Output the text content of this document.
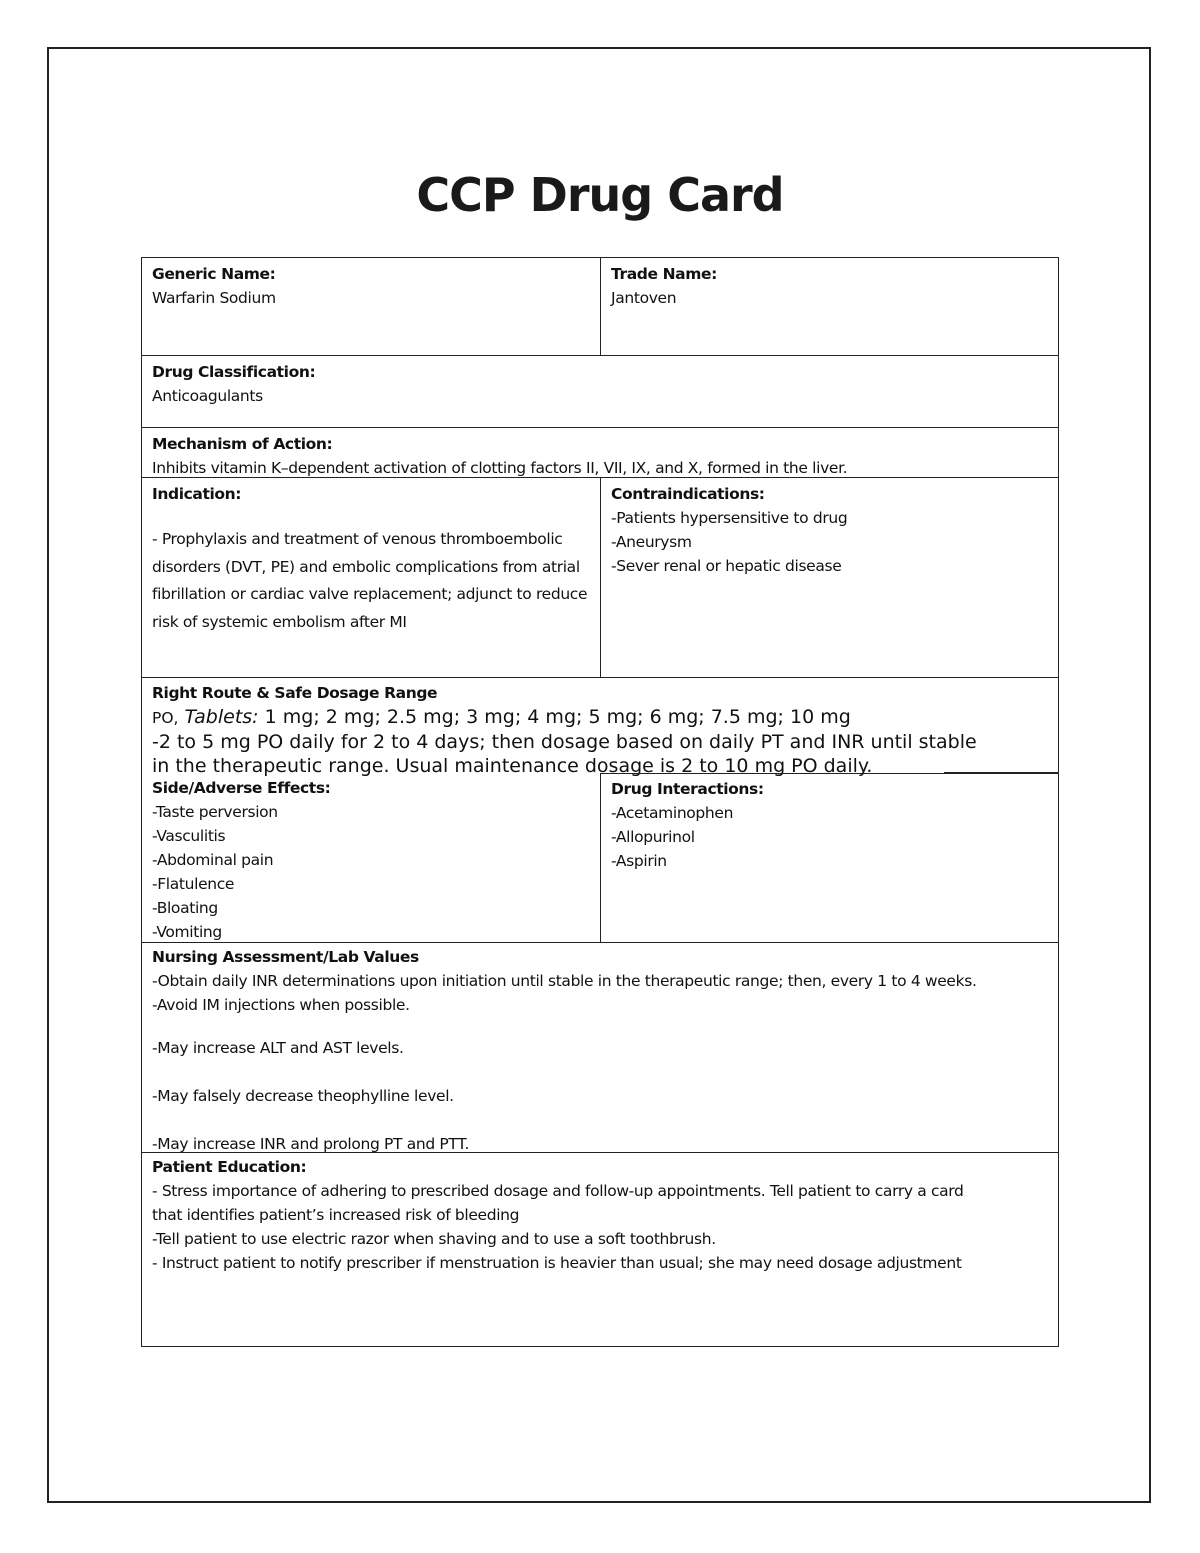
CCP Drug Card
Generic Name:
Warfarin Sodium
Trade Name:
Jantoven
Drug Classification:
Anticoagulants
Mechanism of Action:
Inhibits vitamin K–dependent activation of clotting factors II, VII, IX, and X, formed in the liver.
Indication:
- Prophylaxis and treatment of venous thromboembolic disorders (DVT, PE) and embolic complications from atrial fibrillation or cardiac valve replacement; adjunct to reduce risk of systemic embolism after MI
Contraindications:
-Patients hypersensitive to drug
-Aneurysm
-Sever renal or hepatic disease
Right Route & Safe Dosage Range
PO, Tablets: 1 mg; 2 mg; 2.5 mg; 3 mg; 4 mg; 5 mg; 6 mg; 7.5 mg; 10 mg
-2 to 5 mg PO daily for 2 to 4 days; then dosage based on daily PT and INR until stable
in the therapeutic range. Usual maintenance dosage is 2 to 10 mg PO daily.
Side/Adverse Effects:
-Taste perversion
-Vasculitis
-Abdominal pain
-Flatulence
-Bloating
-Vomiting
Drug Interactions:
-Acetaminophen
-Allopurinol
-Aspirin
Nursing Assessment/Lab Values
-Obtain daily INR determinations upon initiation until stable in the therapeutic range; then, every 1 to 4 weeks.
-Avoid IM injections when possible.
-May increase ALT and AST levels.
-May falsely decrease theophylline level.
-May increase INR and prolong PT and PTT.
Patient Education:
- Stress importance of adhering to prescribed dosage and follow-up appointments. Tell patient to carry a card
that identifies patient’s increased risk of bleeding
-Tell patient to use electric razor when shaving and to use a soft toothbrush.
- Instruct patient to notify prescriber if menstruation is heavier than usual; she may need dosage adjustment
